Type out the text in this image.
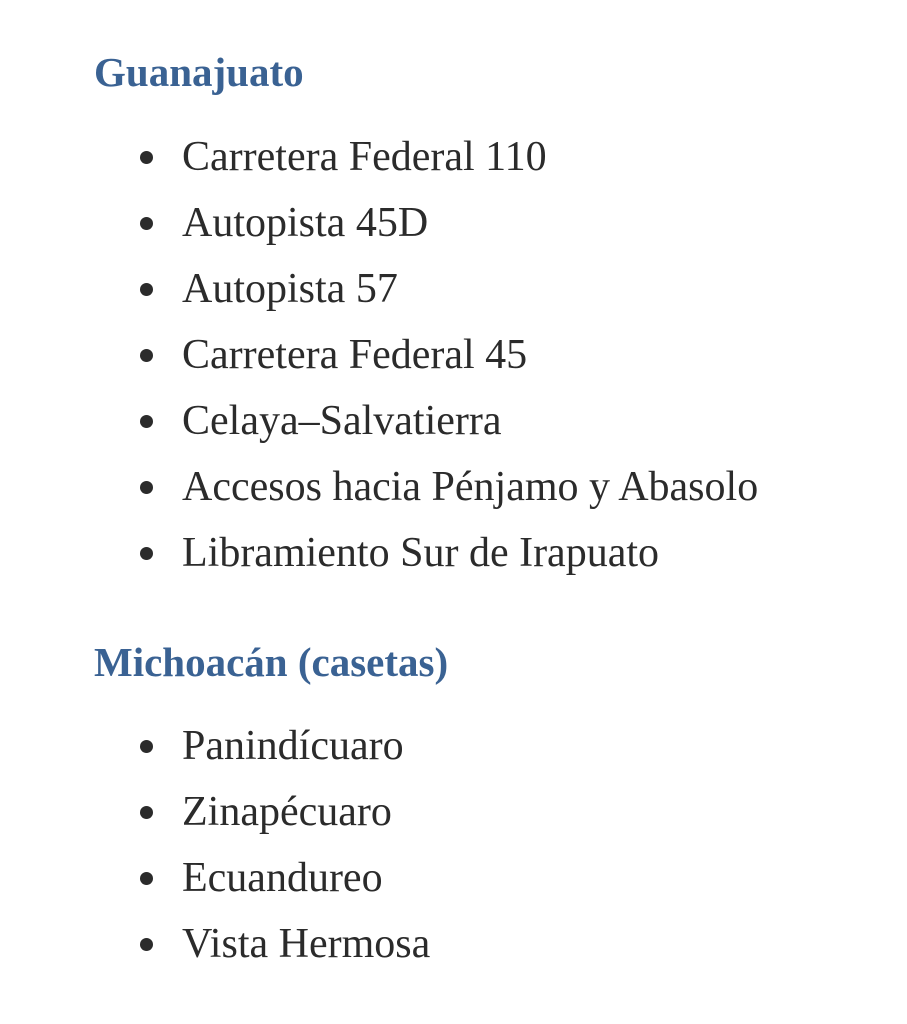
Guanajuato
Carretera Federal 110
Autopista 45D
Autopista 57
Carretera Federal 45
Celaya–Salvatierra
Accesos hacia Pénjamo y Abasolo
Libramiento Sur de Irapuato
Michoacán (casetas)
Panindícuaro
Zinapécuaro
Ecuandureo
Vista Hermosa
